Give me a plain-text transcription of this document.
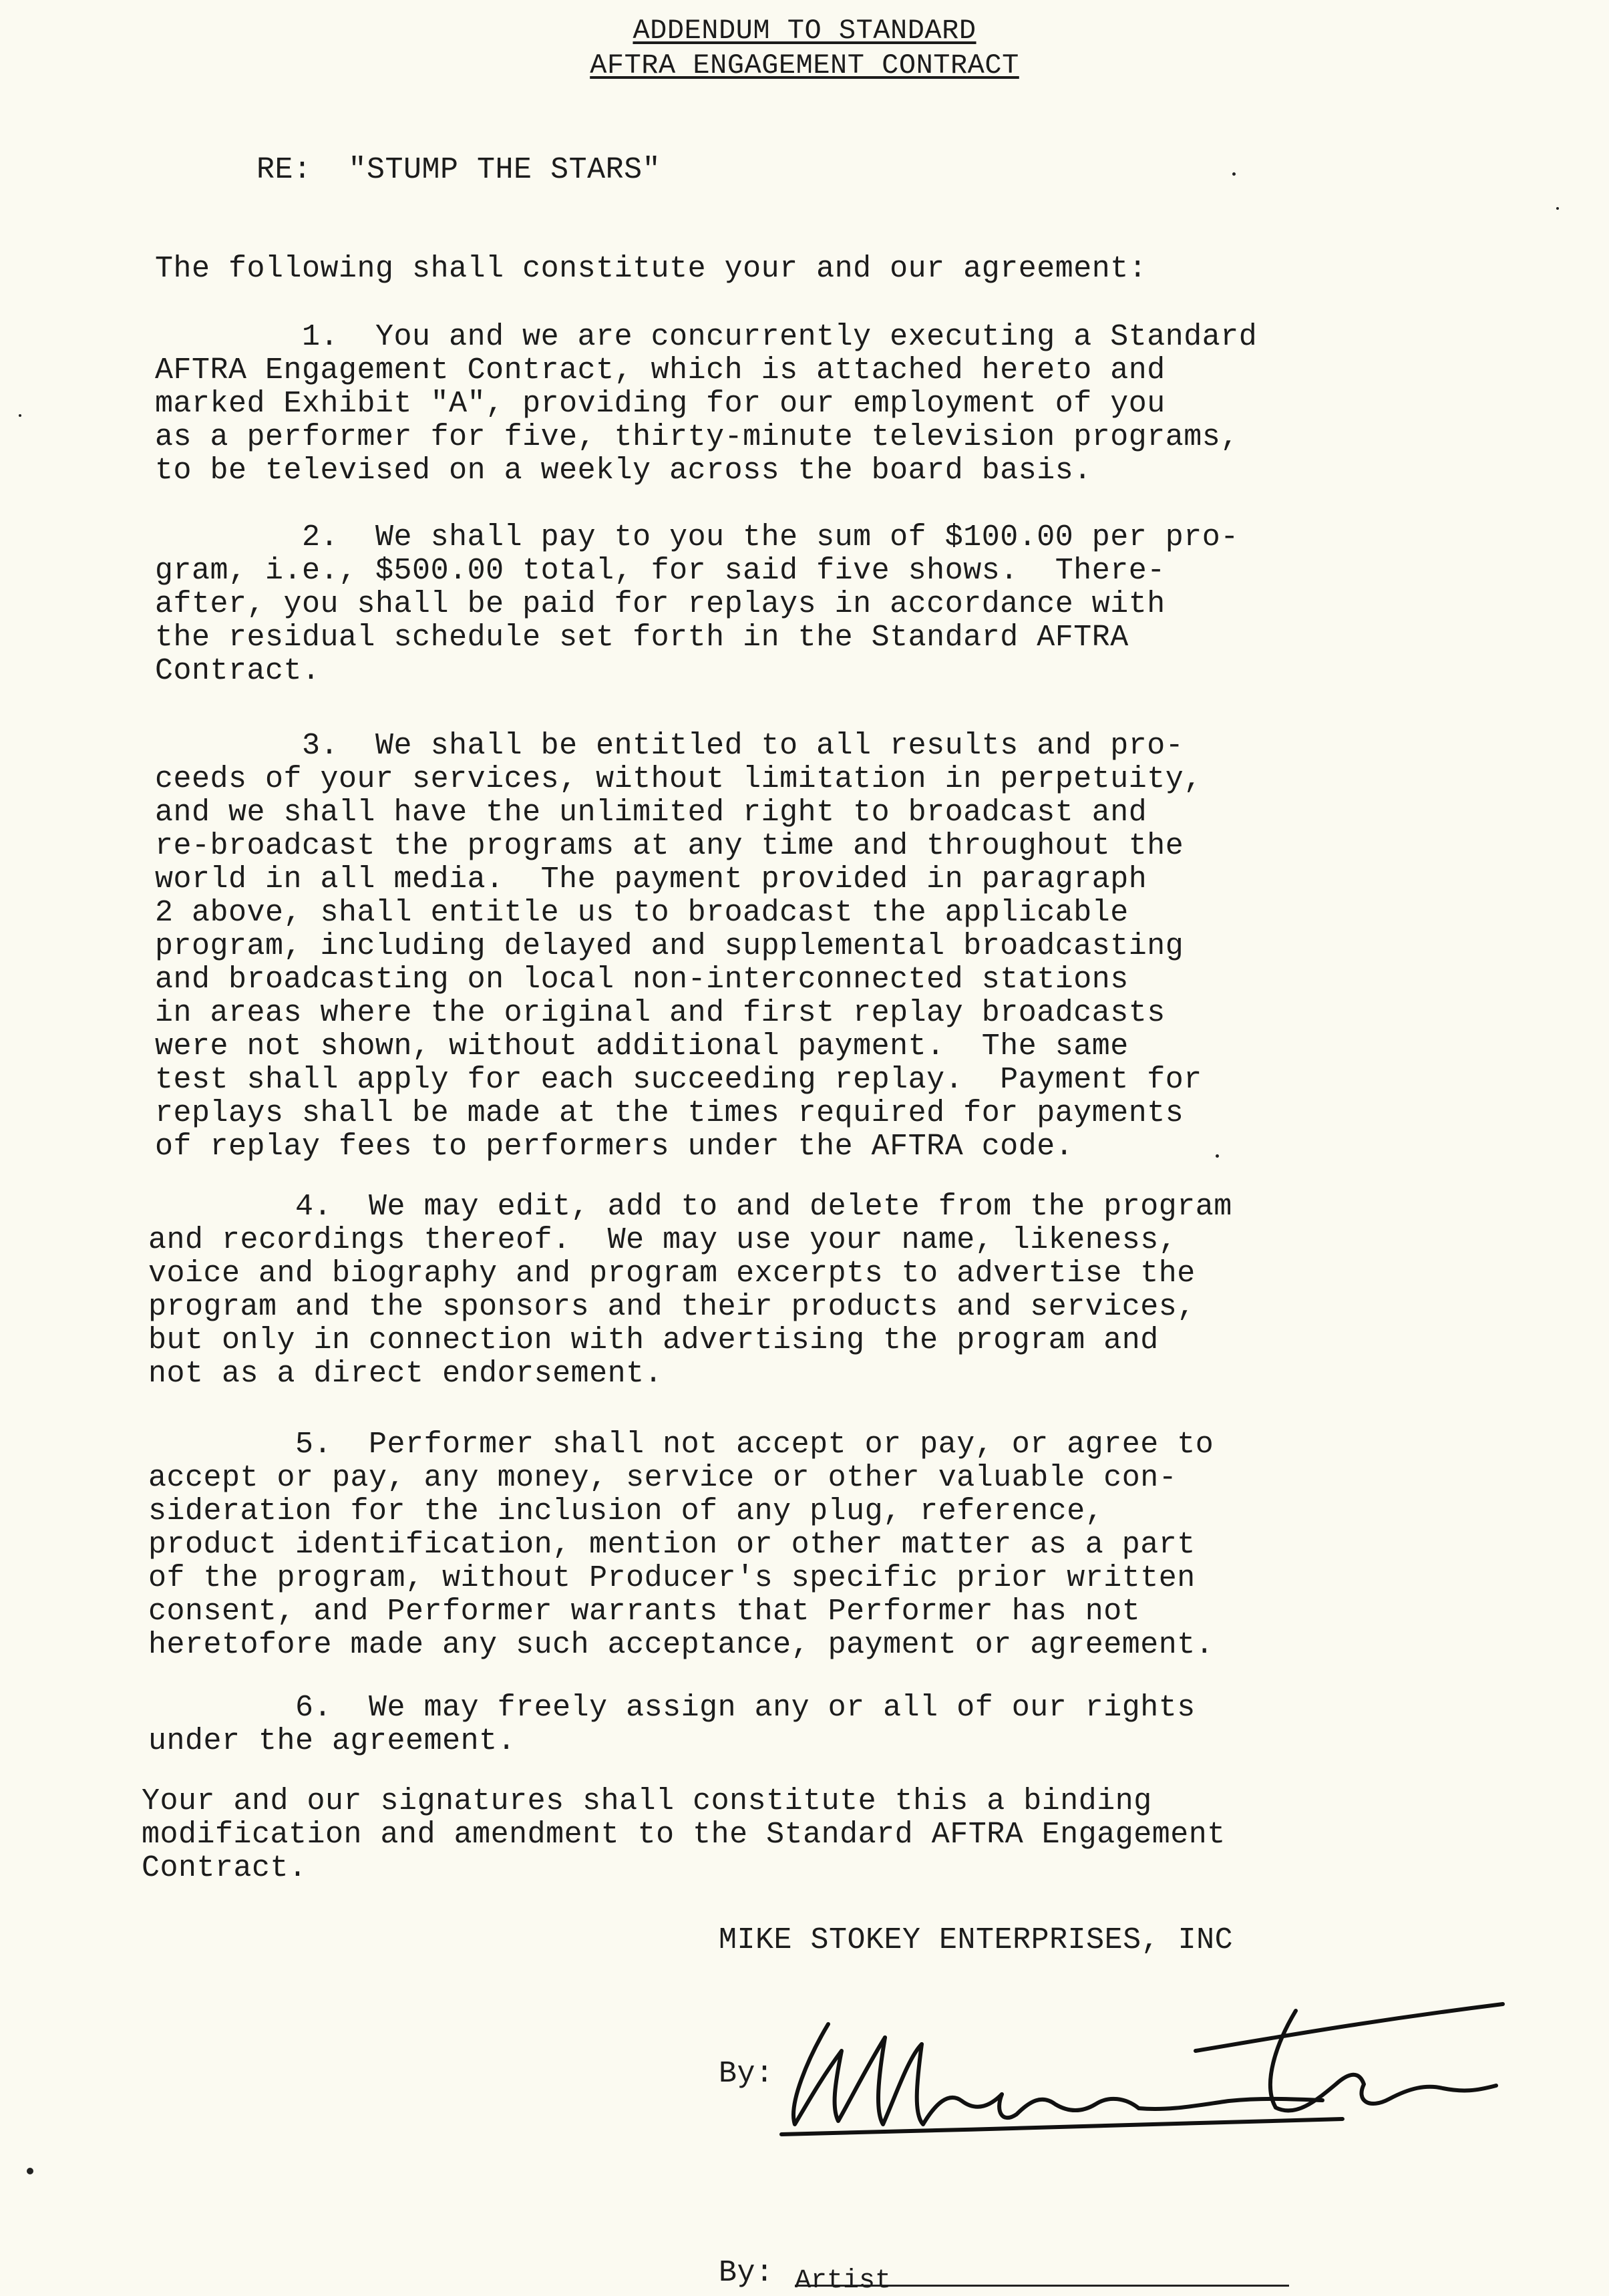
ADDENDUM TO STANDARD
AFTRA ENGAGEMENT CONTRACT
RE:  "STUMP THE STARS"
The following shall constitute your and our agreement:
1.  You and we are concurrently executing a Standard
AFTRA Engagement Contract, which is attached hereto and
marked Exhibit "A", providing for our employment of you
as a performer for five, thirty-minute television programs,
to be televised on a weekly across the board basis.
2.  We shall pay to you the sum of $100.00 per pro-
gram, i.e., $500.00 total, for said five shows.  There-
after, you shall be paid for replays in accordance with
the residual schedule set forth in the Standard AFTRA
Contract.
3.  We shall be entitled to all results and pro-
ceeds of your services, without limitation in perpetuity,
and we shall have the unlimited right to broadcast and
re-broadcast the programs at any time and throughout the
world in all media.  The payment provided in paragraph
2 above, shall entitle us to broadcast the applicable
program, including delayed and supplemental broadcasting
and broadcasting on local non-interconnected stations
in areas where the original and first replay broadcasts
were not shown, without additional payment.  The same
test shall apply for each succeeding replay.  Payment for
replays shall be made at the times required for payments
of replay fees to performers under the AFTRA code.
4.  We may edit, add to and delete from the program
and recordings thereof.  We may use your name, likeness,
voice and biography and program excerpts to advertise the
program and the sponsors and their products and services,
but only in connection with advertising the program and
not as a direct endorsement.
5.  Performer shall not accept or pay, or agree to
accept or pay, any money, service or other valuable con-
sideration for the inclusion of any plug, reference,
product identification, mention or other matter as a part
of the program, without Producer's specific prior written
consent, and Performer warrants that Performer has not
heretofore made any such acceptance, payment or agreement.
6.  We may freely assign any or all of our rights
under the agreement.
Your and our signatures shall constitute this a binding
modification and amendment to the Standard AFTRA Engagement
Contract.
MIKE STOKEY ENTERPRISES, INC
By:
By: Artist
